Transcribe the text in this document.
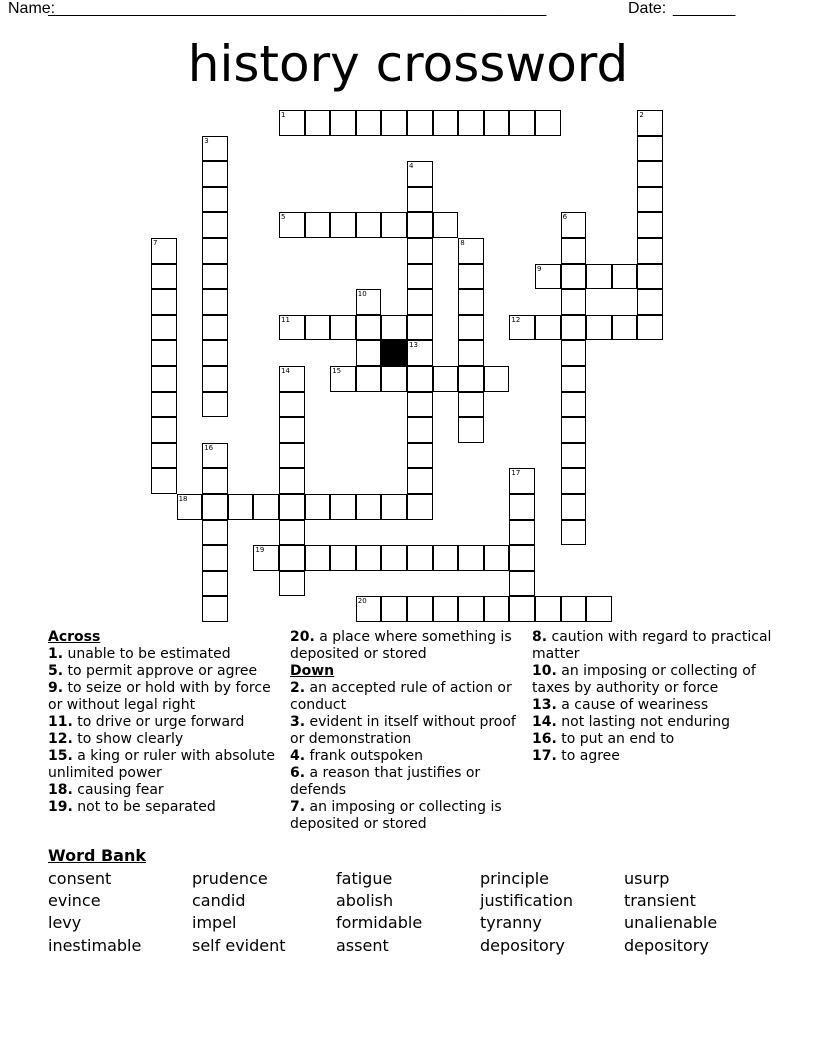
Name:
________________________________________________________	Date: _______
history crossword
1
5
9
11	12
15
18
19
20
2
3
4
13
6
7	8
10
14
16
17
Across

1. unable to be estimated

5. to permit approve or agree

9. to seize or hold with by force or without legal right

11. to drive or urge forward

12. to show clearly

15. a king or ruler with absolute unlimited power

18. causing fear

19. not to be separated

20. a place where something is deposited or stored

Down

2. an accepted rule of action or conduct

3. evident in itself without proof or demonstration

4. frank outspoken

6. a reason that justifies or defends

7. an imposing or collecting is deposited or stored

8. caution with regard to practical matter

10. an imposing or collecting of taxes by authority or force

13. a cause of weariness

14. not lasting not enduring

16. to put an end to

17. to agree

Word Bank
consent	prudence	fatigue	principle	usurp
evince	candid	abolish	justification	transient
levy	impel	formidable	tyranny	unalienable
inestimable	self evident	assent	depository	depository
